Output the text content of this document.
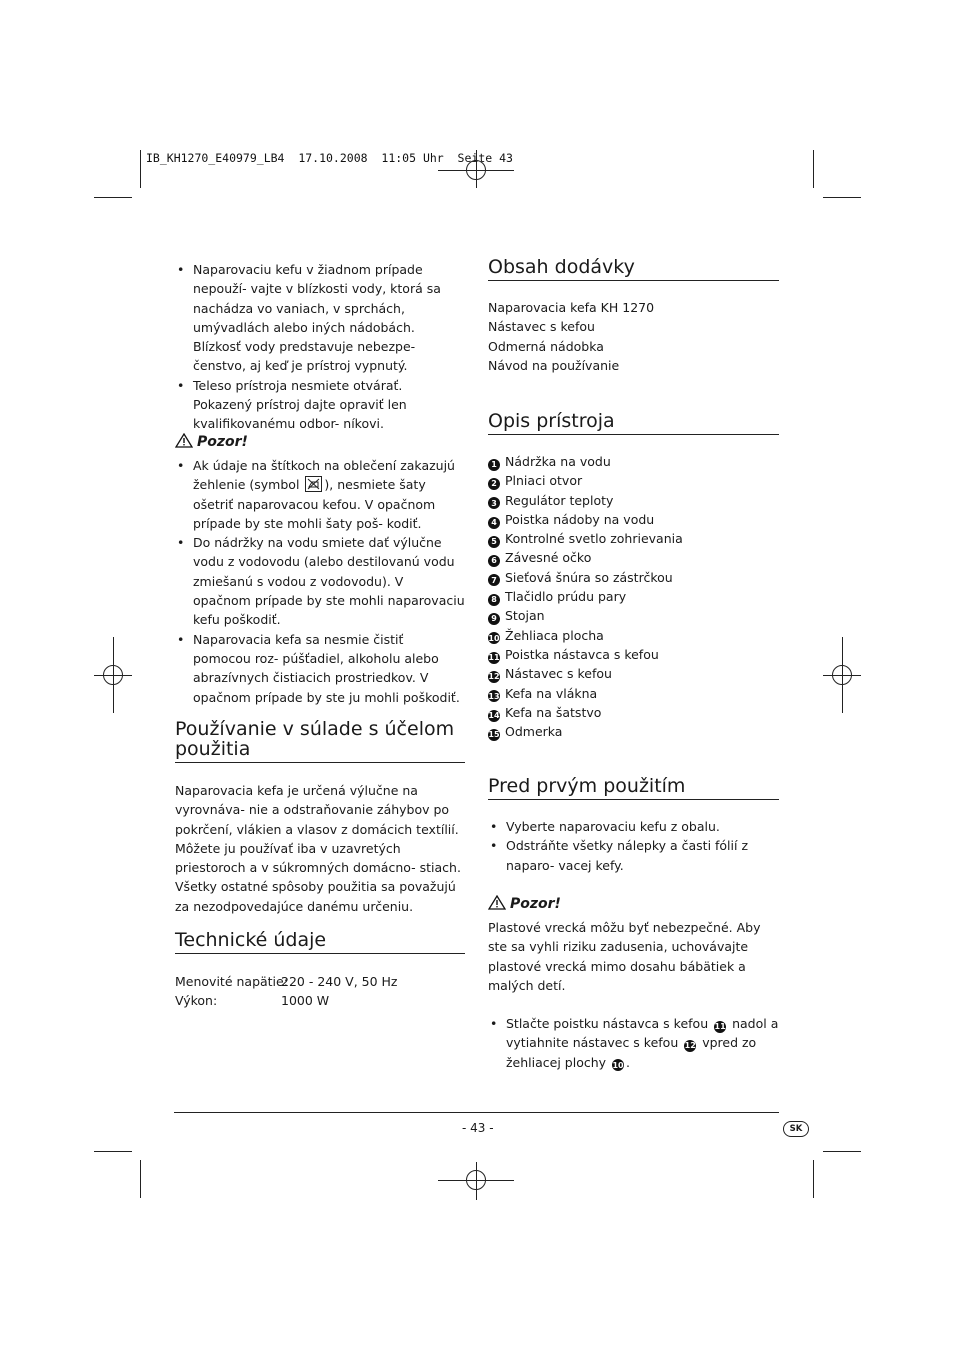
IB_KH1270_E40979_LB4  17.10.2008  11:05 Uhr  Seite 43
• Naparovaciu kefu v žiadnom prípade nepouží- vajte v blízkosti vody, ktorá sa nachádza vo vaniach, v sprchách, umývadlách alebo iných nádobách. Blízkosť vody predstavuje nebezpe- čenstvo, aj keď je prístroj vypnutý.
• Teleso prístroja nesmiete otvárať. Pokazený prístroj dajte opraviť len kvalifikovanému odbor- níkovi.
Pozor!
• Ak údaje na štítkoch na oblečení zakazujú žehlenie (symbol
), nesmiete šaty ošetriť naparovacou kefou. V opačnom prípade by ste mohli šaty poš- kodiť.
• Do nádržky na vodu smiete dať výlučne vodu z vodovodu (alebo destilovanú vodu zmiešanú s vodou z vodovodu). V opačnom prípade by ste mohli naparovaciu kefu poškodiť.
• Naparovacia kefa sa nesmie čistiť pomocou roz- púšťadiel, alkoholu alebo abrazívnych čistiacich prostriedkov. V opačnom prípade by ste ju mohli poškodiť.
Používanie v súlade s účelom použitia

Naparovacia kefa je určená výlučne na vyrovnáva- nie a odstraňovanie záhybov po pokrčení, vlákien a vlasov z domácich textílií. Môžete ju používať iba v uzavretých priestoroch a v súkromných domácno- stiach. Všetky ostatné spôsoby použitia sa považujú za nezodpovedajúce danému určeniu.

Technické údaje
Menovité napätie:
220 - 240 V, 50 Hz
Výkon:	1000 W
Obsah dodávky
Naparovacia kefa KH 1270
Nástavec s kefou
Odmerná nádobka
Návod na používanie
Opis prístroja
1 Nádržka na vodu
2 Plniaci otvor
3 Regulátor teploty
4 Poistka nádoby na vodu
5 Kontrolné svetlo zohrievania
6 Závesné očko
7 Sieťová šnúra so zástrčkou
8 Tlačidlo prúdu pary
9 Stojan
10 Žehliaca plocha
11 Poistka nástavca s kefou
12 Nástavec s kefou
13 Kefa na vlákna
14 Kefa na šatstvo
15 Odmerka
Pred prvým použitím
• Vyberte naparovaciu kefu z obalu.
• Odstráňte všetky nálepky a časti fólií z naparo- vacej kefy.
Pozor!

Plastové vrecká môžu byť nebezpečné. Aby ste sa vyhli riziku zadusenia, uchovávajte plastové vrecká mimo dosahu bábätiek a malých detí.

• Stlačte poistku nástavca s kefou 11 nadol a vytiahnite nástavec s kefou 12 vpred zo žehliacej plochy 10 .
- 43 -	SK
